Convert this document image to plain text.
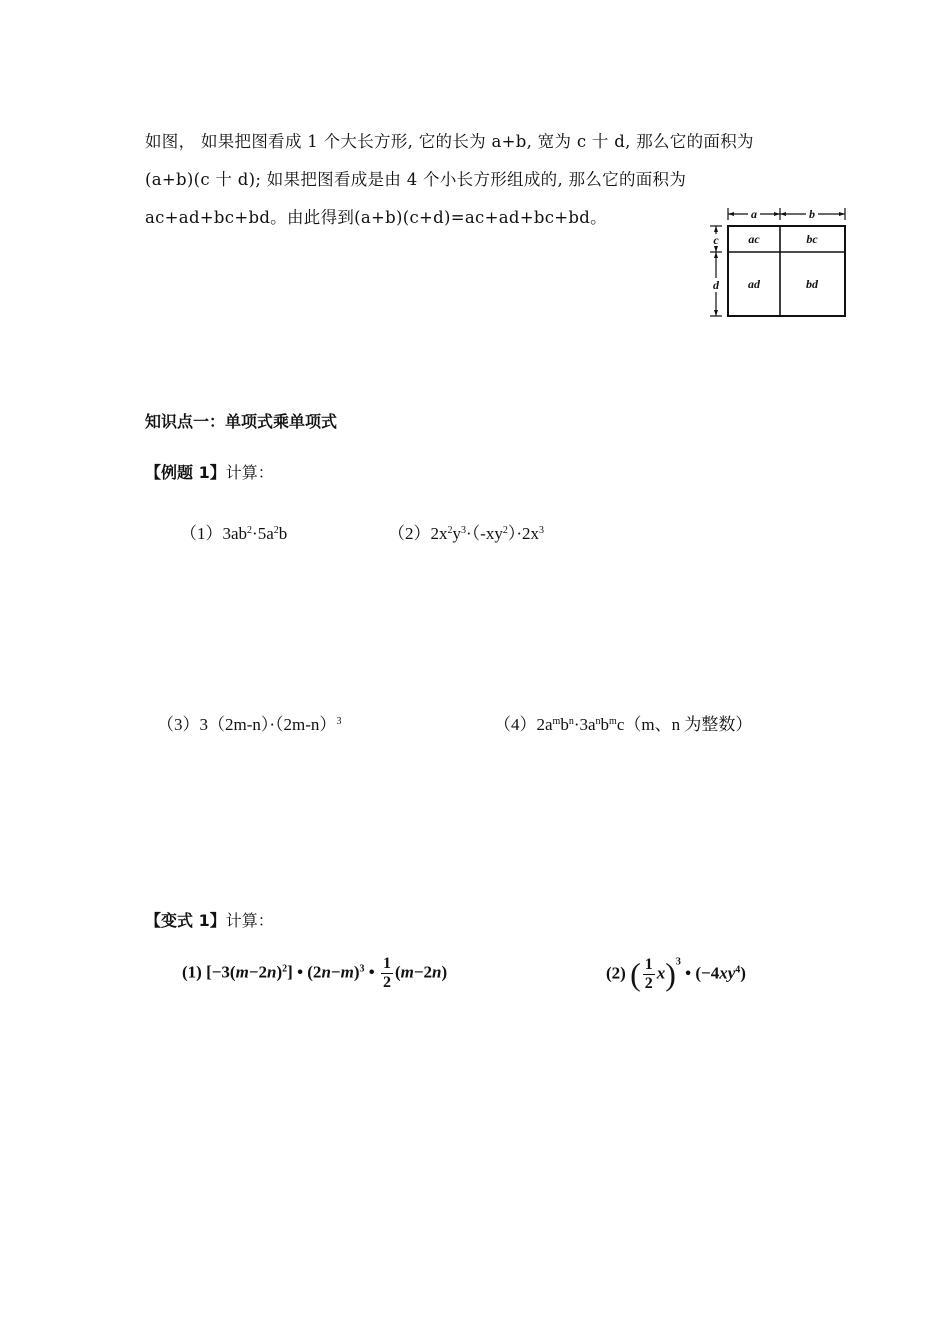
如图， 如果把图看成 1 个大长方形, 它的长为 a+b, 宽为 c 十 d, 那么它的面积为
(a+b)(c 十 d); 如果把图看成是由 4 个小长方形组成的, 那么它的面积为
ac+ad+bc+bd。由此得到(a+b)(c+d)=ac+ad+bc+bd。	a	b
c
d
ac	bc
ad	bd
知识点一：单项式乘单项式
【例题 1】计算：
$(1)3ab^2\cdot 5a^2b$	$(2)2x^2y^3\cdot(-xy^2)\cdot 2x^3$
$(3)3(2m-n)\cdot(2m-n)^3$	$(4)2a^mb^n\cdot 3a^nb^mc(m$、n 为整数）
【变式 1】计算：
(1) $[-3(m-2n)^2]$ • $(2n-m)^3$ • $\frac{1}{2} (m-2n)$	(2) ( $\frac{1}{2} x)^3$ • $(-4xy^4)$
